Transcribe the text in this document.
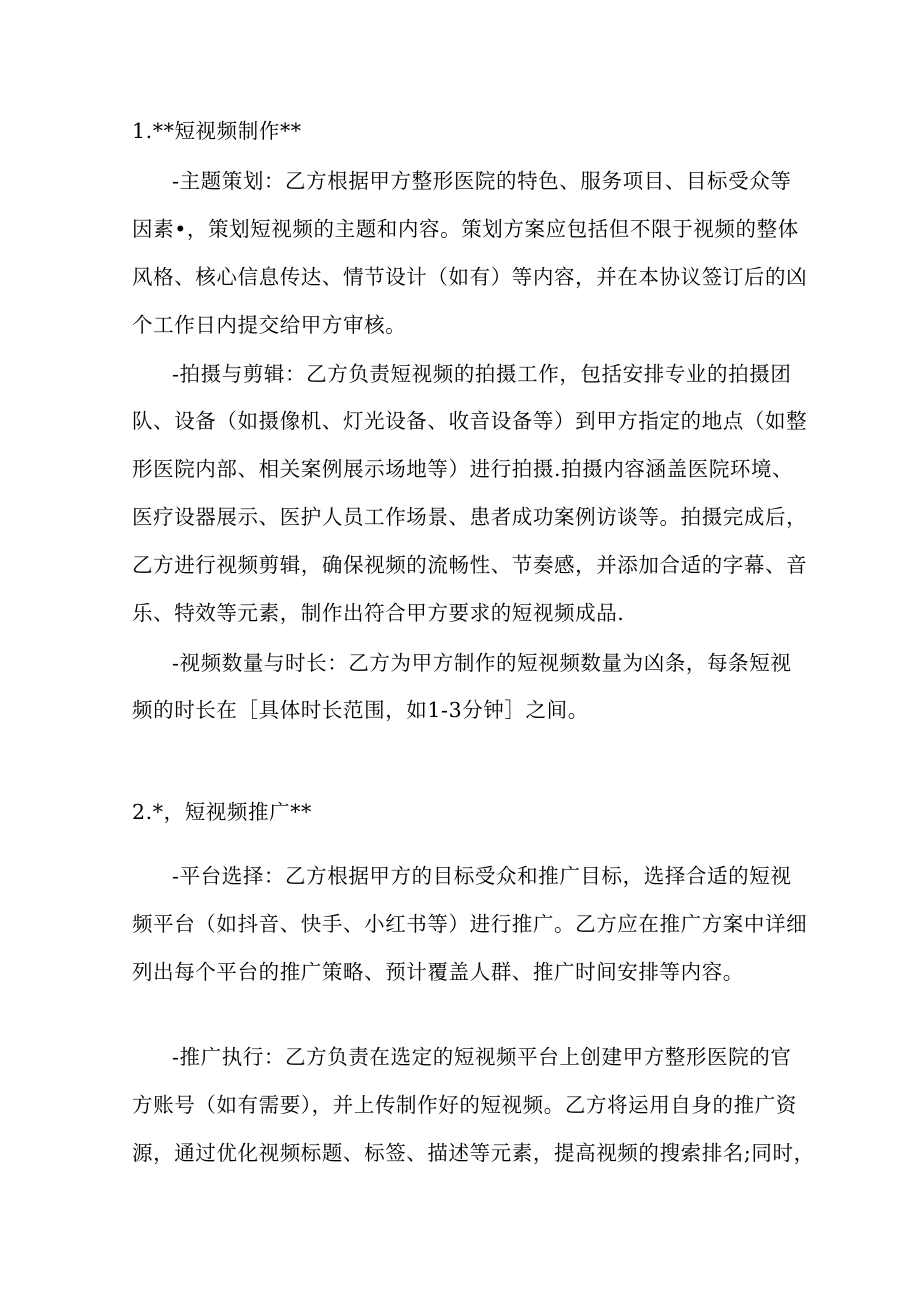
1.**短视频制作**
-主题策划：乙方根据甲方整形医院的特色、服务项目、目标受众等
因素•，策划短视频的主题和内容。策划方案应包括但不限于视频的整体
风格、核心信息传达、情节设计（如有）等内容，并在本协议签订后的凶
个工作日内提交给甲方审核。
-拍摄与剪辑：乙方负责短视频的拍摄工作，包括安排专业的拍摄团
队、设备（如摄像机、灯光设备、收音设备等）到甲方指定的地点（如整
形医院内部、相关案例展示场地等）进行拍摄.拍摄内容涵盖医院环境、
医疗设器展示、医护人员工作场景、患者成功案例访谈等。拍摄完成后，
乙方进行视频剪辑，确保视频的流畅性、节奏感，并添加合适的字幕、音
乐、特效等元素，制作出符合甲方要求的短视频成品.
-视频数量与时长：乙方为甲方制作的短视频数量为凶条，每条短视
频的时长在［具体时长范围，如1-3分钟］之间。
2.*，短视频推广**
-平台选择：乙方根据甲方的目标受众和推广目标，选择合适的短视
频平台（如抖音、快手、小红书等）进行推广。乙方应在推广方案中详细
列出每个平台的推广策略、预计覆盖人群、推广时间安排等内容。
-推广执行：乙方负责在选定的短视频平台上创建甲方整形医院的官
方账号（如有需要），并上传制作好的短视频。乙方将运用自身的推广资
源，通过优化视频标题、标签、描述等元素，提高视频的搜索排名;同时，
